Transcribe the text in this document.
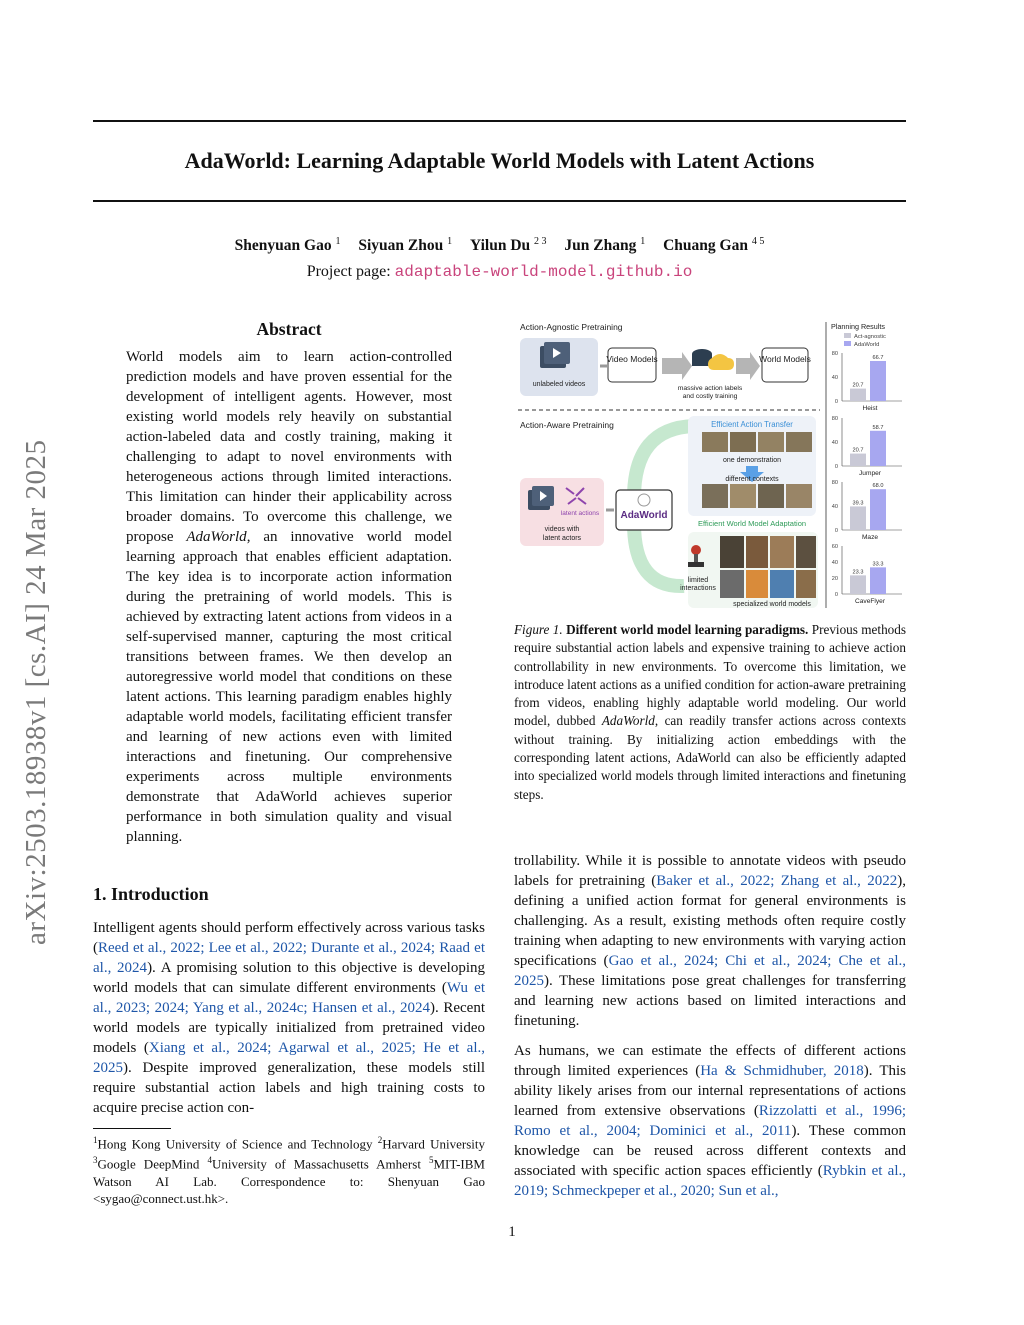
AdaWorld: Learning Adaptable World Models with Latent Actions
Shenyuan Gao $^1$ Siyuan Zhou $^1$ Yilun Du $^{2 3}$ Jun Zhang $^1$ Chuang Gan $^{4 5}$
Project page: adaptable-world-model.github.io
arXiv:2503.18938v1 [cs.AI] 24 Mar 2025
Abstract
World models aim to learn action-controlled prediction models and have proven essential for the development of intelligent agents. However, most existing world models rely heavily on substantial action-labeled data and costly training, making it challenging to adapt to novel environments with heterogeneous actions through limited interactions. This limitation can hinder their applicability across broader domains. To overcome this challenge, we propose AdaWorld, an innovative world model learning approach that enables efficient adaptation. The key idea is to incorporate action information during the pretraining of world models. This is achieved by extracting latent actions from videos in a self-supervised manner, capturing the most critical transitions between frames. We then develop an autoregressive world model that conditions on these latent actions. This learning paradigm enables highly adaptable world models, facilitating efficient transfer and learning of new actions even with limited interactions and finetuning. Our comprehensive experiments across multiple environments demonstrate that AdaWorld achieves superior performance in both simulation quality and visual planning.
1. Introduction
Intelligent agents should perform effectively across various tasks (Reed et al., 2022; Lee et al., 2022; Durante et al., 2024; Raad et al., 2024). A promising solution to this objective is developing world models that can simulate different environments (Wu et al., 2023; 2024; Yang et al., 2024c; Hansen et al., 2024). Recent world models are typically initialized from pretrained video models (Xiang et al., 2024; Agarwal et al., 2025; He et al., 2025). Despite improved generalization, these models still require substantial action labels and high training costs to acquire precise action con-
$^1$Hong Kong University of Science and Technology $^2$Harvard University $^3$Google DeepMind $^4$University of Massachusetts Amherst $^5$MIT-IBM Watson AI Lab. Correspondence to: Shenyuan Gao <sygao@connect.ust.hk>.
Action-Agnostic Pretraining
unlabeled videos
Video Models
massive action labels
and costly training
World Models
Action-Aware Pretraining	Efficient Action Transfer
one demonstration
different contexts
latent actions
videos with
latent actors
AdaWorld
Efficient World Model Adaptation
limited
interactions
specialized world models
Planning Results
Act-agnostic
AdaWorld
0
40
80
20.7
66.7
Heist
0
40
80
20.7
58.7
Jumper
0
40
80
39.3
68.0
Maze
0
20
40
60
23.3
33.3
CaveFlyer
Figure 1. Different world model learning paradigms. Previous methods require substantial action labels and expensive training to achieve action controllability in new environments. To overcome this limitation, we introduce latent actions as a unified condition for action-aware pretraining from videos, enabling highly adaptable world modeling. Our world model, dubbed AdaWorld, can readily transfer actions across contexts without training. By initializing action embeddings with the corresponding latent actions, AdaWorld can also be efficiently adapted into specialized world models through limited interactions and finetuning steps.

trollability. While it is possible to annotate videos with pseudo labels for pretraining (Baker et al., 2022; Zhang et al., 2022), defining a unified action format for general environments is challenging. As a result, existing methods often require costly training when adapting to new environments with varying action specifications (Gao et al., 2024; Chi et al., 2024; Che et al., 2025). These limitations pose great challenges for transferring and learning new actions based on limited interactions and finetuning.

As humans, we can estimate the effects of different actions through limited experiences (Ha & Schmidhuber, 2018). This ability likely arises from our internal representations of actions learned from extensive observations (Rizzolatti et al., 1996; Romo et al., 2004; Dominici et al., 2011). These common knowledge can be reused across different contexts and associated with specific action spaces efficiently (Rybkin et al., 2019; Schmeckpeper et al., 2020; Sun et al.,

1
